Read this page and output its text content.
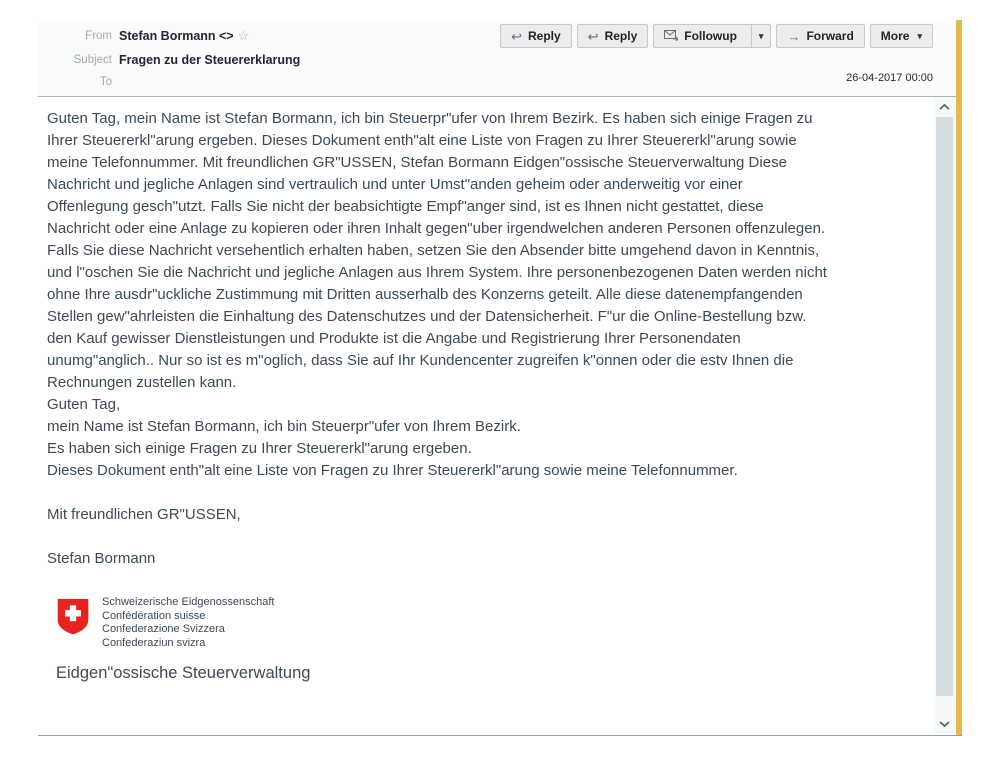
From Stefan Bormann <> ☆
Subject Fragen zu der Steuererklarung
To
↩ Reply ↩ Reply	Followup	▾	→ Forward More ▾
26-04-2017 00:00
Guten Tag, mein Name ist Stefan Bormann, ich bin Steuerpr"ufer von Ihrem Bezirk. Es haben sich einige Fragen zu
Ihrer Steuererkl"arung ergeben. Dieses Dokument enth"alt eine Liste von Fragen zu Ihrer Steuererkl"arung sowie
meine Telefonnummer. Mit freundlichen GR"USSEN, Stefan Bormann Eidgen"ossische Steuerverwaltung Diese
Nachricht und jegliche Anlagen sind vertraulich und unter Umst"anden geheim oder anderweitig vor einer
Offenlegung gesch"utzt. Falls Sie nicht der beabsichtigte Empf"anger sind, ist es Ihnen nicht gestattet, diese
Nachricht oder eine Anlage zu kopieren oder ihren Inhalt gegen"uber irgendwelchen anderen Personen offenzulegen.
Falls Sie diese Nachricht versehentlich erhalten haben, setzen Sie den Absender bitte umgehend davon in Kenntnis,
und l"oschen Sie die Nachricht und jegliche Anlagen aus Ihrem System. Ihre personenbezogenen Daten werden nicht
ohne Ihre ausdr"uckliche Zustimmung mit Dritten ausserhalb des Konzerns geteilt. Alle diese datenempfangenden
Stellen gew"ahrleisten die Einhaltung des Datenschutzes und der Datensicherheit. F"ur die Online-Bestellung bzw.
den Kauf gewisser Dienstleistungen und Produkte ist die Angabe und Registrierung Ihrer Personendaten
unumg"anglich.. Nur so ist es m"oglich, dass Sie auf Ihr Kundencenter zugreifen k"onnen oder die estv Ihnen die
Rechnungen zustellen kann.
Guten Tag,
mein Name ist Stefan Bormann, ich bin Steuerpr"ufer von Ihrem Bezirk.
Es haben sich einige Fragen zu Ihrer Steuererkl"arung ergeben.
Dieses Dokument enth"alt eine Liste von Fragen zu Ihrer Steuererkl"arung sowie meine Telefonnummer.
Mit freundlichen GR"USSEN,
Stefan Bormann
Schweizerische Eidgenossenschaft
Confédération suisse
Confederazione Svizzera
Confederaziun svizra
Eidgen"ossische Steuerverwaltung
